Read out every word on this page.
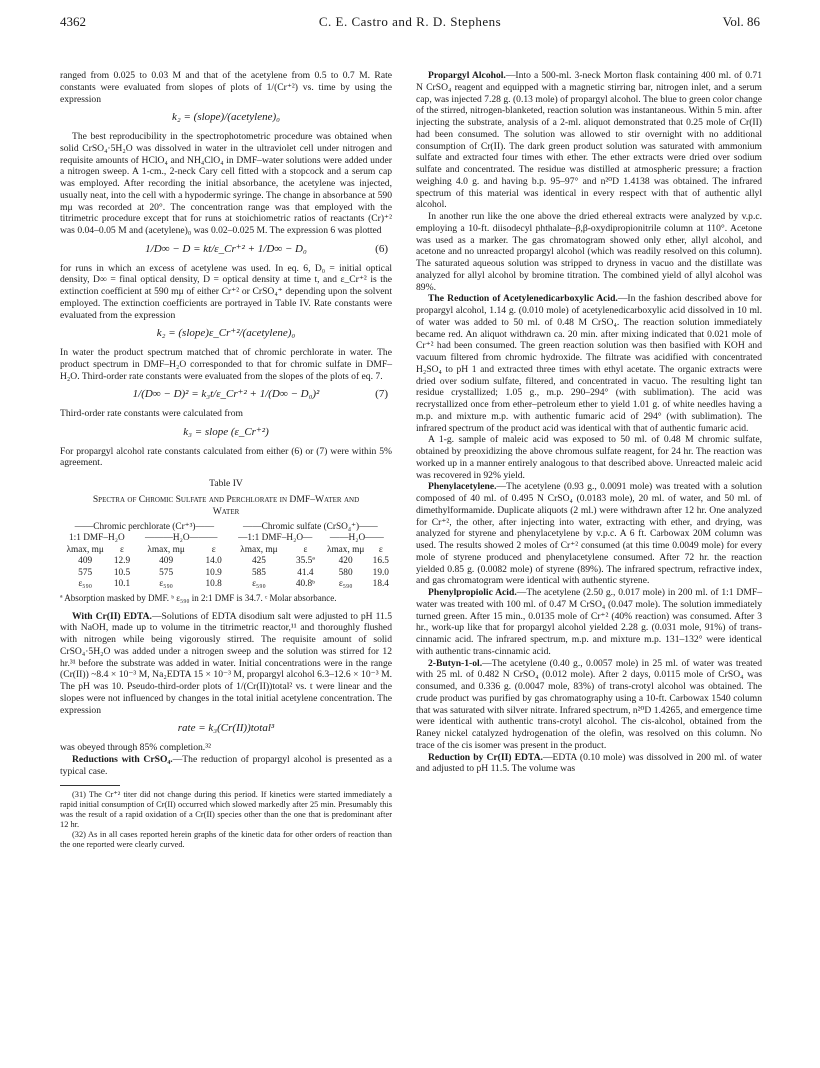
4362	C. E. Castro and R. D. Stephens	Vol. 86

ranged from 0.025 to 0.03 M and that of the acetylene from 0.5 to 0.7 M. Rate constants were evaluated from slopes of plots of 1/(Cr⁺²) vs. time by using the expression

k₂ = (slope)/(acetylene)₀

The best reproducibility in the spectrophotometric procedure was obtained when solid CrSO₄·5H₂O was dissolved in water in the ultraviolet cell under nitrogen and requisite amounts of HClO₄ and NH₄ClO₄ in DMF–water solutions were added under a nitrogen sweep. A 1-cm., 2-neck Cary cell fitted with a stopcock and a serum cap was employed. After recording the initial absorbance, the acetylene was injected, usually neat, into the cell with a hypodermic syringe. The change in absorbance at 590 mμ was recorded at 20°. The concentration range was that employed with the titrimetric procedure except that for runs at stoichiometric ratios of reactants (Cr)⁺² was 0.04–0.05 M and (acetylene)₀ was 0.02–0.025 M. The expression 6 was plotted

1/D∞ − D = kt/ε_Cr⁺² + 1/D∞ − D₀	(6)

for runs in which an excess of acetylene was used. In eq. 6, D₀ = initial optical density, D∞ = final optical density, D = optical density at time t, and ε_Cr⁺² is the extinction coefficient at 590 mμ of either Cr⁺² or CrSO₄⁺ depending upon the solvent employed. The extinction coefficients are portrayed in Table IV. Rate constants were evaluated from the expression

k₂ = (slope)ε_Cr⁺²/(acetylene)₀

In water the product spectrum matched that of chromic perchlorate in water. The product spectrum in DMF–H₂O corresponded to that for chromic sulfate in DMF–H₂O. Third-order rate constants were evaluated from the slopes of the plots of eq. 7.

1/(D∞ − D)² = k₃t/ε_Cr⁺² + 1/(D∞ − D₀)²	(7)

Third-order rate constants were calculated from

k₃ = slope (ε_Cr⁺²)

For propargyl alcohol rate constants calculated from either (6) or (7) were within 5% agreement.

Table IV
Spectra of Chromic Sulfate and Perchlorate in DMF–Water and Water
——Chromic perchlorate (Cr⁺³)——				——Chromic sulfate (CrSO₄⁺)——			
1:1 DMF–H₂O		———H₂O———		—1:1 DMF–H₂O—		——H₂O——	
λmax, mμ	ε	λmax, mμ	ε	λmax, mμ	ε	λmax, mμ	ε
409	12.9	409	14.0	425	35.5ª	420	16.5
575	10.5	575	10.9	585	41.4	580	19.0
ε₅₉₀	10.1	ε₅₉₀	10.8	ε₅₉₀	40.8ᵇ	ε₅₉₀	18.4
ª Absorption masked by DMF. ᵇ ε₅₉₀ in 2:1 DMF is 34.7. ᶜ Molar absorbance.

With Cr(II) EDTA.—Solutions of EDTA disodium salt were adjusted to pH 11.5 with NaOH, made up to volume in the titrimetric reactor,¹¹ and thoroughly flushed with nitrogen while being vigorously stirred. The requisite amount of solid CrSO₄·5H₂O was added under a nitrogen sweep and the solution was stirred for 12 hr.³¹ before the substrate was added in water. Initial concentrations were in the range (Cr(II)) ~8.4 × 10⁻³ M, Na₂EDTA 15 × 10⁻³ M, propargyl alcohol 6.3–12.6 × 10⁻³ M. The pH was 10. Pseudo-third-order plots of 1/(Cr(II))total² vs. t were linear and the slopes were not influenced by changes in the total initial acetylene concentration. The expression

rate = k₃(Cr(II))total³

was obeyed through 85% completion.³²

Reductions with CrSO₄.—The reduction of propargyl alcohol is presented as a typical case.

(31) The Cr⁺² titer did not change during this period. If kinetics were started immediately a rapid initial consumption of Cr(II) occurred which slowed markedly after 25 min. Presumably this was the result of a rapid oxidation of a Cr(II) species other than the one that is predominant after 12 hr.

(32) As in all cases reported herein graphs of the kinetic data for other orders of reaction than the one reported were clearly curved.

Propargyl Alcohol.—Into a 500-ml. 3-neck Morton flask containing 400 ml. of 0.71 N CrSO₄ reagent and equipped with a magnetic stirring bar, nitrogen inlet, and a serum cap, was injected 7.28 g. (0.13 mole) of propargyl alcohol. The blue to green color change of the stirred, nitrogen-blanketed, reaction solution was instantaneous. Within 5 min. after injecting the substrate, analysis of a 2-ml. aliquot demonstrated that 0.25 mole of Cr(II) had been consumed. The solution was allowed to stir overnight with no additional consumption of Cr(II). The dark green product solution was saturated with ammonium sulfate and extracted four times with ether. The ether extracts were dried over sodium sulfate and concentrated. The residue was distilled at atmospheric pressure; a fraction weighing 4.0 g. and having b.p. 95–97° and n²⁰D 1.4138 was obtained. The infrared spectrum of this material was identical in every respect with that of authentic allyl alcohol.

In another run like the one above the dried ethereal extracts were analyzed by v.p.c. employing a 10-ft. diisodecyl phthalate–β,β-oxydipropionitrile column at 110°. Acetone was used as a marker. The gas chromatogram showed only ether, allyl alcohol, and acetone and no unreacted propargyl alcohol (which was readily resolved on this column). The saturated aqueous solution was stripped to dryness in vacuo and the distillate was analyzed for allyl alcohol by bromine titration. The combined yield of allyl alcohol was 89%.

The Reduction of Acetylenedicarboxylic Acid.—In the fashion described above for propargyl alcohol, 1.14 g. (0.010 mole) of acetylenedicarboxylic acid dissolved in 10 ml. of water was added to 50 ml. of 0.48 M CrSO₄. The reaction solution immediately became red. An aliquot withdrawn ca. 20 min. after mixing indicated that 0.021 mole of Cr⁺² had been consumed. The green reaction solution was then basified with KOH and vacuum filtered from chromic hydroxide. The filtrate was acidified with concentrated H₂SO₄ to pH 1 and extracted three times with ethyl acetate. The organic extracts were dried over sodium sulfate, filtered, and concentrated in vacuo. The resulting light tan residue crystallized; 1.05 g., m.p. 290–294° (with sublimation). The acid was recrystallized once from ether–petroleum ether to yield 1.01 g. of white needles having a m.p. and mixture m.p. with authentic fumaric acid of 294° (with sublimation). The infrared spectrum of the product acid was identical with that of authentic fumaric acid.

A 1-g. sample of maleic acid was exposed to 50 ml. of 0.48 M chromic sulfate, obtained by preoxidizing the above chromous sulfate reagent, for 24 hr. The reaction was worked up in a manner entirely analogous to that described above. Unreacted maleic acid was recovered in 92% yield.

Phenylacetylene.—The acetylene (0.93 g., 0.0091 mole) was treated with a solution composed of 40 ml. of 0.495 N CrSO₄ (0.0183 mole), 20 ml. of water, and 50 ml. of dimethylformamide. Duplicate aliquots (2 ml.) were withdrawn after 12 hr. One analyzed for Cr⁺², the other, after injecting into water, extracting with ether, and drying, was analyzed for styrene and phenylacetylene by v.p.c. A 6 ft. Carbowax 20M column was used. The results showed 2 moles of Cr⁺² consumed (at this time 0.0049 mole) for every mole of styrene produced and phenylacetylene consumed. After 72 hr. the reaction yielded 0.85 g. (0.0082 mole) of styrene (89%). The infrared spectrum, refractive index, and gas chromatogram were identical with authentic styrene.

Phenylpropiolic Acid.—The acetylene (2.50 g., 0.017 mole) in 200 ml. of 1:1 DMF–water was treated with 100 ml. of 0.47 M CrSO₄ (0.047 mole). The solution immediately turned green. After 15 min., 0.0135 mole of Cr⁺² (40% reaction) was consumed. After 3 hr., work-up like that for propargyl alcohol yielded 2.28 g. (0.031 mole, 91%) of trans-cinnamic acid. The infrared spectrum, m.p. and mixture m.p. 131–132° were identical with authentic trans-cinnamic acid.

2-Butyn-1-ol.—The acetylene (0.40 g., 0.0057 mole) in 25 ml. of water was treated with 25 ml. of 0.482 N CrSO₄ (0.012 mole). After 2 days, 0.0115 mole of CrSO₄ was consumed, and 0.336 g. (0.0047 mole, 83%) of trans-crotyl alcohol was obtained. The crude product was purified by gas chromatography using a 10-ft. Carbowax 1540 column that was saturated with silver nitrate. Infrared spectrum, n²⁰D 1.4265, and emergence time were identical with authentic trans-crotyl alcohol. The cis-alcohol, obtained from the Raney nickel catalyzed hydrogenation of the olefin, was resolved on this column. No trace of the cis isomer was present in the product.

Reduction by Cr(II) EDTA.—EDTA (0.10 mole) was dissolved in 200 ml. of water and adjusted to pH 11.5. The volume was
